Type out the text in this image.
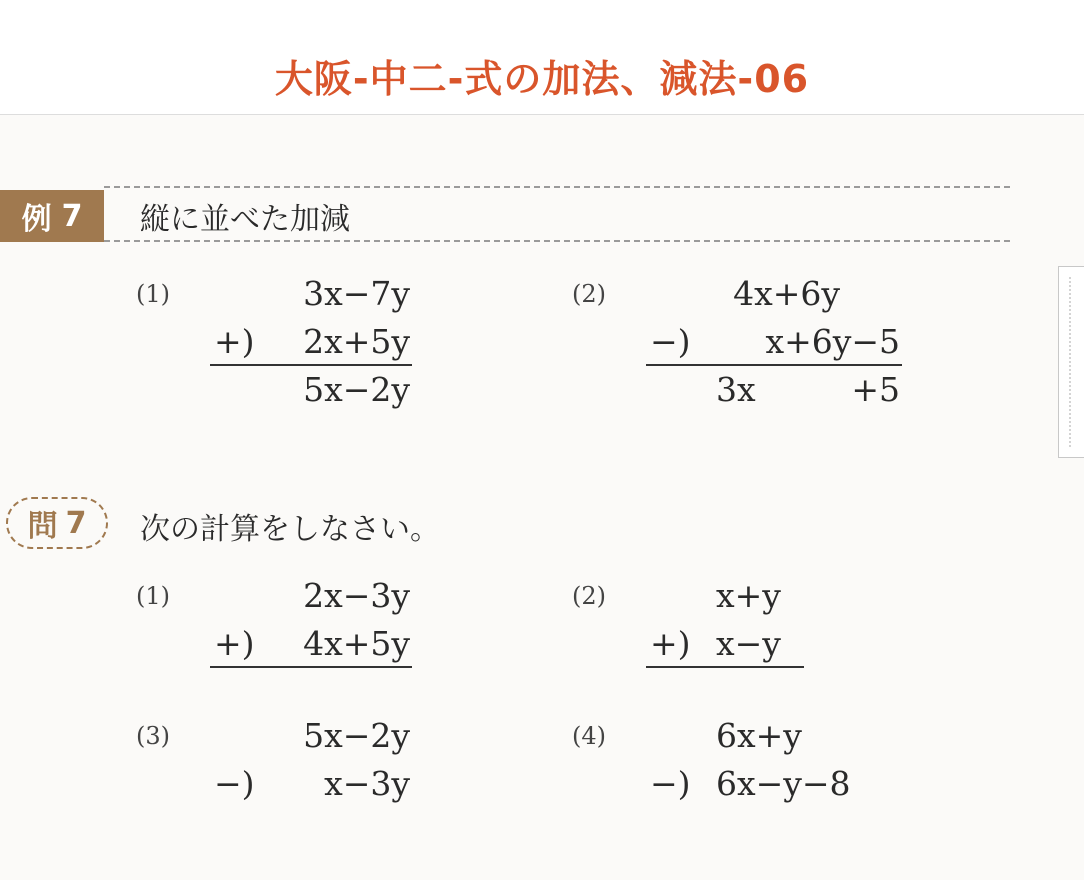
大阪-中二-式の加法、減法-06
例 7 縦に並べた加減
(1)	3x−7y
+)	2x+5y
5x−2y
(2)	4x+6y
−)	x+6y−5
3x	+5
問 7 次の計算をしなさい。
(1)	2x−3y
+)	4x+5y
(2)	x+y
+) x−y
(3)	5x−2y
−)	x−3y
(4)	6x+y
−) 6x−y−8
